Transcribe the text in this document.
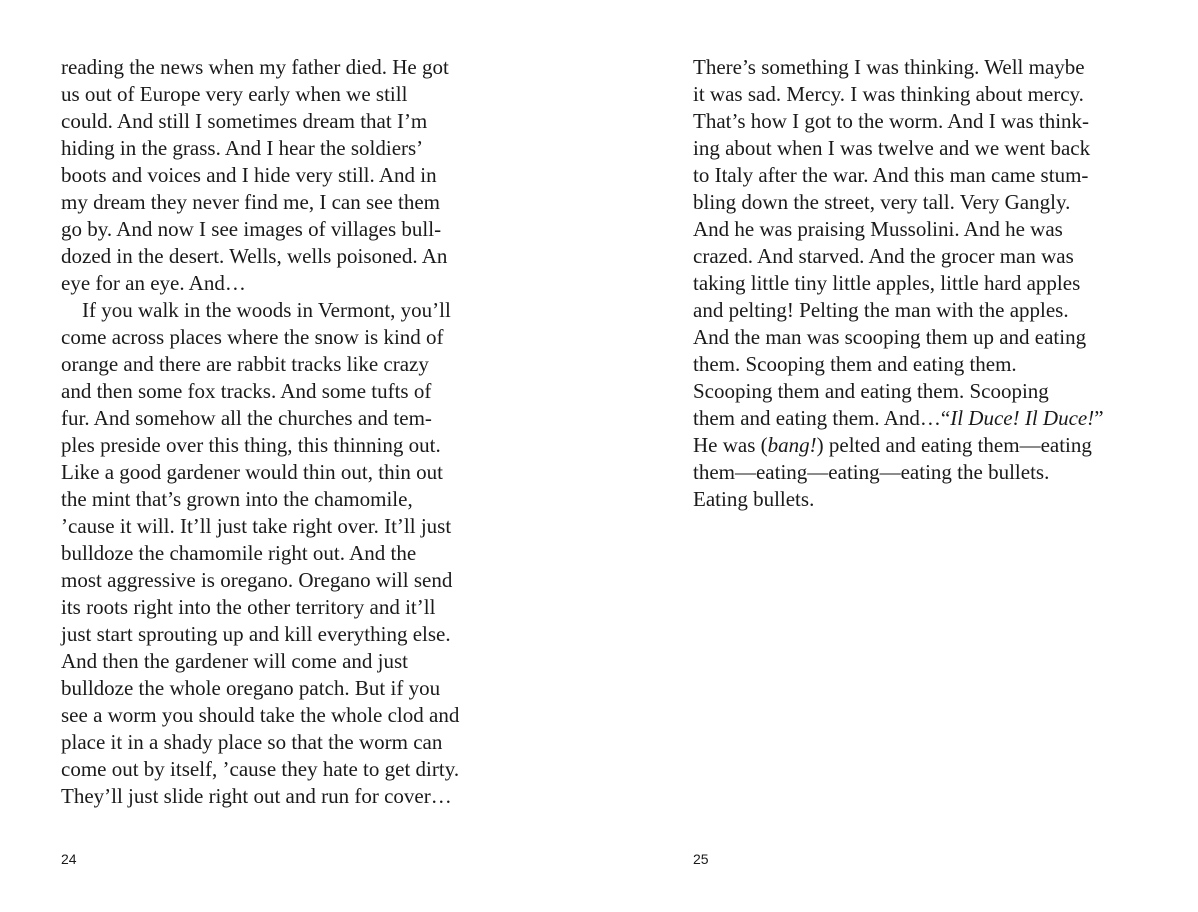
reading the news when my father died. He got
us out of Europe very early when we still
could. And still I sometimes dream that I’m
hiding in the grass. And I hear the soldiers’
boots and voices and I hide very still. And in
my dream they never find me, I can see them
go by. And now I see images of villages bull-
dozed in the desert. Wells, wells poisoned. An
eye for an eye. And…
If you walk in the woods in Vermont, you’ll
come across places where the snow is kind of
orange and there are rabbit tracks like crazy
and then some fox tracks. And some tufts of
fur. And somehow all the churches and tem-
ples preside over this thing, this thinning out.
Like a good gardener would thin out, thin out
the mint that’s grown into the chamomile,
’cause it will. It’ll just take right over. It’ll just
bulldoze the chamomile right out. And the
most aggressive is oregano. Oregano will send
its roots right into the other territory and it’ll
just start sprouting up and kill everything else.
And then the gardener will come and just
bulldoze the whole oregano patch. But if you
see a worm you should take the whole clod and
place it in a shady place so that the worm can
come out by itself, ’cause they hate to get dirty.
They’ll just slide right out and run for cover…

There’s something I was thinking. Well maybe
it was sad. Mercy. I was thinking about mercy.
That’s how I got to the worm. And I was think-
ing about when I was twelve and we went back
to Italy after the war. And this man came stum-
bling down the street, very tall. Very Gangly.
And he was praising Mussolini. And he was
crazed. And starved. And the grocer man was
taking little tiny little apples, little hard apples
and pelting! Pelting the man with the apples.
And the man was scooping them up and eating
them. Scooping them and eating them.
Scooping them and eating them. Scooping
them and eating them. And…“Il Duce! Il Duce!”
He was (bang!) pelted and eating them—eating
them—eating—eating—eating the bullets.
Eating bullets.

24	25
